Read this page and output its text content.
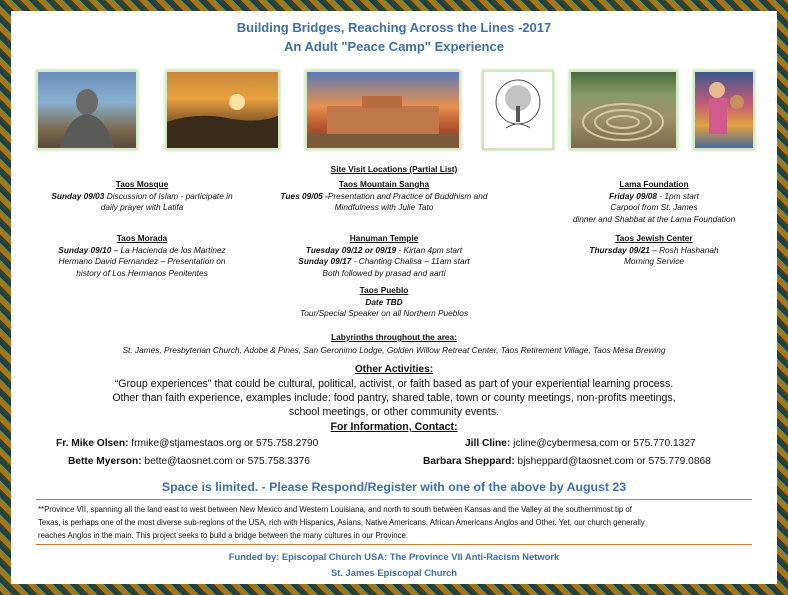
Building Bridges, Reaching Across the Lines -2017
An Adult "Peace Camp" Experience
Site Visit Locations (Partial List)
Taos Mosque
Sunday 09/03 Discussion of Islam - participate in
daily prayer with Latifa
Taos Mountain Sangha
Tues 09/05 -Presentation and Practice of Buddhism and
Mindfulness with Julie Tato
Lama Foundation
Friday 09/08 - 1pm start
Carpool from St. James
dinner and Shabbat at the Lama Foundation
Taos Morada
Sunday 09/10 – La Hacienda de los Martinez
Hermano David Fernandez – Presentation on
history of Los Hermanos Penitentes
Hanuman Temple
Tuesday 09/12 or 09/19 - Kirtan 4pm start
Sunday 09/17 - Chanting Chalisa – 11am start
Both followed by prasad and aarti
Taos Jewish Center
Thursday 09/21 – Rosh Hashanah
Morning Service
Taos Pueblo
Date TBD
Tour/Special Speaker on all Northern Pueblos
Labyrinths throughout the area:
St. James, Presbyterian Church, Adobe & Pines, San Geronimo Lodge, Golden Willow Retreat Center, Taos Retirement Village, Taos Mesa Brewing
Other Activities:
“Group experiences" that could be cultural, political, activist, or faith based as part of your experiential learning process.
Other than faith experience, examples include: food pantry, shared table, town or county meetings, non-profits meetings,
school meetings, or other community events.
For Information, Contact:
Fr. Mike Olsen: frmike@stjamestaos.org or 575.758.2790	Jill Cline: jcline@cybermesa.com or 575.770.1327
Bette Myerson: bette@taosnet.com or 575.758.3376	Barbara Sheppard: bjsheppard@taosnet.com or 575.779.0868
Space is limited. - Please Respond/Register with one of the above by August 23
**Province VII, spanning all the land east to west between New Mexico and Western Louisiana, and north to south between Kansas and the Valley at the southernmost tip of
Texas, is perhaps one of the most diverse sub-regions of the USA, rich with Hispanics, Asians, Native Americans, African Americans Anglos and Other. Yet, our church generally
reaches Anglos in the main. This project seeks to build a bridge between the many cultures in our Province.
Funded by: Episcopal Church USA: The Province VII Anti-Racism Network
St. James Episcopal Church
